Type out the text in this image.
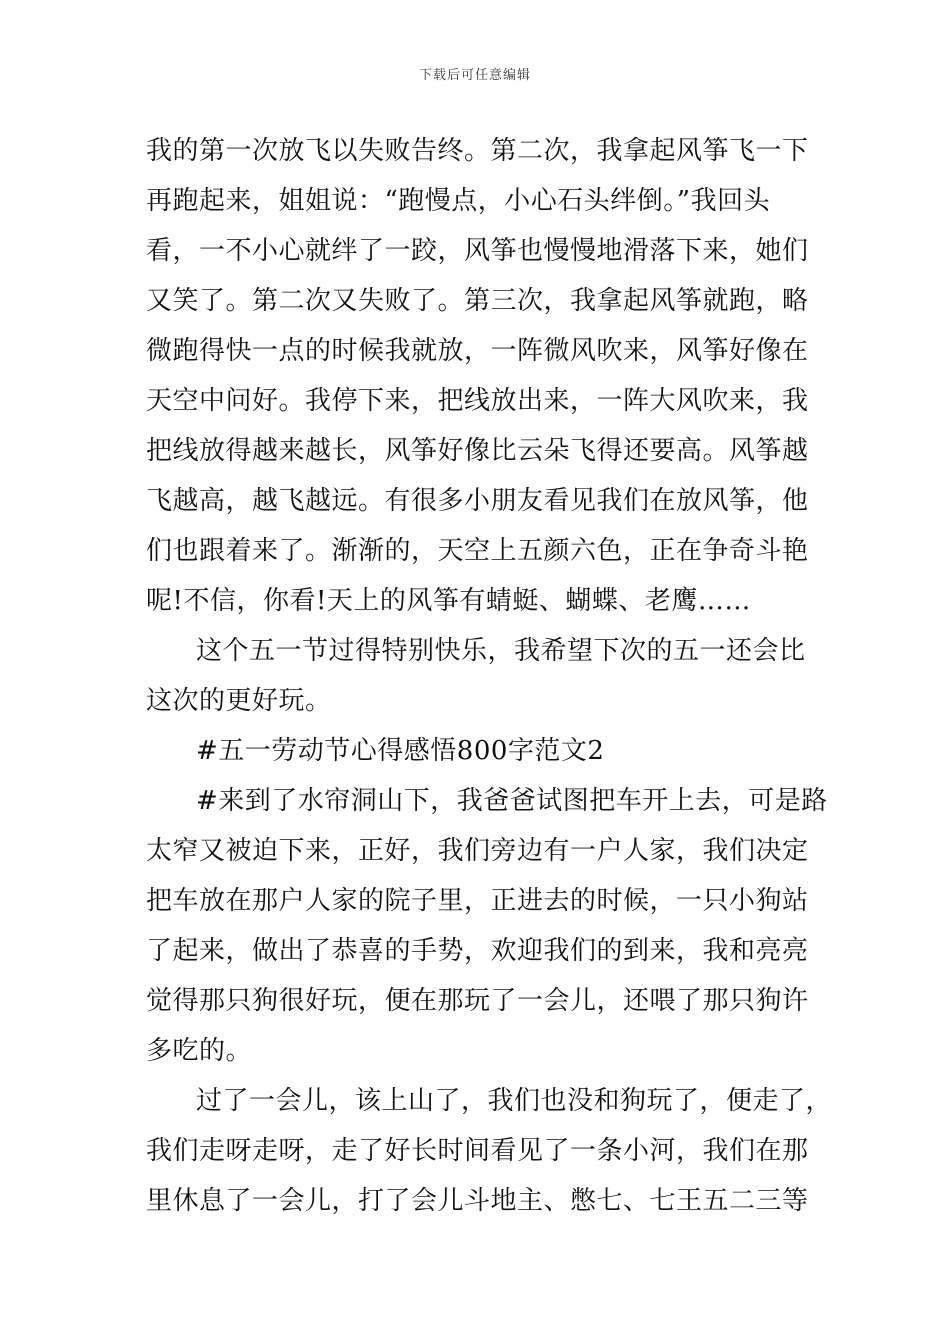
下载后可任意编辑
我的第一次放飞以失败告终。第二次，我拿起风筝飞一下
再跑起来，姐姐说：“跑慢点，小心石头绊倒。”我回头
看，一不小心就绊了一跤，风筝也慢慢地滑落下来，她们
又笑了。第二次又失败了。第三次，我拿起风筝就跑，略
微跑得快一点的时候我就放，一阵微风吹来，风筝好像在
天空中问好。我停下来，把线放出来，一阵大风吹来，我
把线放得越来越长，风筝好像比云朵飞得还要高。风筝越
飞越高，越飞越远。有很多小朋友看见我们在放风筝，他
们也跟着来了。渐渐的，天空上五颜六色，正在争奇斗艳
呢!不信，你看!天上的风筝有蜻蜓、蝴蝶、老鹰……
这个五一节过得特别快乐，我希望下次的五一还会比
这次的更好玩。
#五一劳动节心得感悟800字范文2
#来到了水帘洞山下，我爸爸试图把车开上去，可是路
太窄又被迫下来，正好，我们旁边有一户人家，我们决定
把车放在那户人家的院子里，正进去的时候，一只小狗站
了起来，做出了恭喜的手势，欢迎我们的到来，我和亮亮
觉得那只狗很好玩，便在那玩了一会儿，还喂了那只狗许
多吃的。
过了一会儿，该上山了，我们也没和狗玩了，便走了，
我们走呀走呀，走了好长时间看见了一条小河，我们在那
里休息了一会儿，打了会儿斗地主、憋七、七王五二三等
